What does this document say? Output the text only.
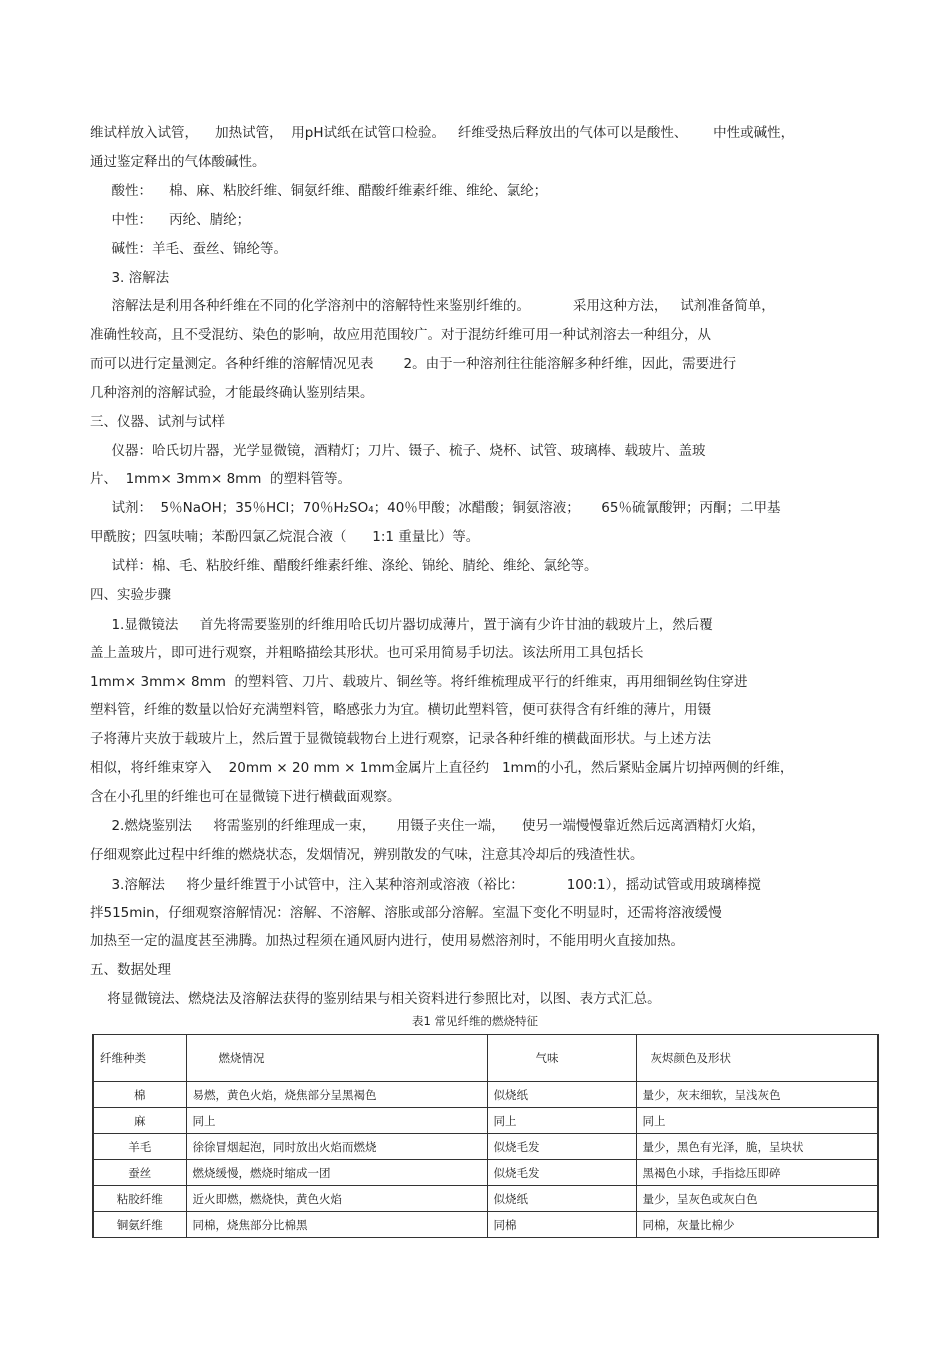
维试样放入试管，    加热试管，  用pH试纸在试管口检验。   纤维受热后释放出的气体可以是酸性、      中性或碱性，
通过鉴定释出的气体酸碱性。
酸性：    棉、麻、粘胶纤维、铜氨纤维、醋酸纤维素纤维、维纶、氯纶；
中性：    丙纶、腈纶；
碱性：羊毛、蚕丝、锦纶等。
3. 溶解法
溶解法是利用各种纤维在不同的化学溶剂中的溶解特性来鉴别纤维的。          采用这种方法，   试剂准备简单，
准确性较高，且不受混纺、染色的影响，故应用范围较广。对于混纺纤维可用一种试剂溶去一种组分，从
而可以进行定量测定。各种纤维的溶解情况见表       2。由于一种溶剂往往能溶解多种纤维，因此，需要进行
几种溶剂的溶解试验，才能最终确认鉴别结果。
三、仪器、试剂与试样
仪器：哈氏切片器，光学显微镜，酒精灯；刀片、镊子、梳子、烧杯、试管、玻璃棒、载玻片、盖玻
片、  1mm× 3mm× 8mm  的塑料管等。
试剂：  5％NaOH；35％HCl；70％H₂SO₄；40％甲酸；冰醋酸；铜氨溶液；     65％硫氰酸钾；丙酮；二甲基
甲酰胺；四氢呋喃；苯酚四氯乙烷混合液（      1:1 重量比）等。
试样：棉、毛、粘胶纤维、醋酸纤维素纤维、涤纶、锦纶、腈纶、维纶、氯纶等。
四、实验步骤
1.显微镜法     首先将需要鉴别的纤维用哈氏切片器切成薄片，置于滴有少许甘油的载玻片上，然后覆
盖上盖玻片，即可进行观察，并粗略描绘其形状。也可采用简易手切法。该法所用工具包括长
1mm× 3mm× 8mm  的塑料管、刀片、载玻片、铜丝等。将纤维梳理成平行的纤维束，再用细铜丝钩住穿进
塑料管，纤维的数量以恰好充满塑料管，略感张力为宜。横切此塑料管，便可获得含有纤维的薄片，用镊
子将薄片夹放于载玻片上，然后置于显微镜载物台上进行观察，记录各种纤维的横截面形状。与上述方法
相似，将纤维束穿入    20mm × 20 mm × 1mm金属片上直径约   1mm的小孔，然后紧贴金属片切掉两侧的纤维，
含在小孔里的纤维也可在显微镜下进行横截面观察。
2.燃烧鉴别法     将需鉴别的纤维理成一束，     用镊子夹住一端，    使另一端慢慢靠近然后远离酒精灯火焰，
仔细观察此过程中纤维的燃烧状态，发烟情况，辨别散发的气味，注意其冷却后的残渣性状。
3.溶解法     将少量纤维置于小试管中，注入某种溶剂或溶液（裕比：          100:1），摇动试管或用玻璃棒搅
拌515min，仔细观察溶解情况：溶解、不溶解、溶胀或部分溶解。室温下变化不明显时，还需将溶液缓慢
加热至一定的温度甚至沸腾。加热过程须在通风厨内进行，使用易燃溶剂时，不能用明火直接加热。
五、数据处理
将显微镜法、燃烧法及溶解法获得的鉴别结果与相关资料进行参照比对，以图、表方式汇总。
表1 常见纤维的燃烧特征
纤维种类	燃烧情况	气味	灰烬颜色及形状
棉	易燃，黄色火焰，烧焦部分呈黑褐色	似烧纸	量少，灰末细软，呈浅灰色
麻	同上	同上	同上
羊毛	徐徐冒烟起泡，同时放出火焰而燃烧	似烧毛发	量少，黑色有光泽，脆，呈块状
蚕丝	燃烧缓慢，燃烧时缩成一团	似烧毛发	黑褐色小球，手指捻压即碎
粘胶纤维	近火即燃，燃烧快，黄色火焰	似烧纸	量少，呈灰色或灰白色
铜氨纤维	同棉，烧焦部分比棉黑	同棉	同棉，灰量比棉少
